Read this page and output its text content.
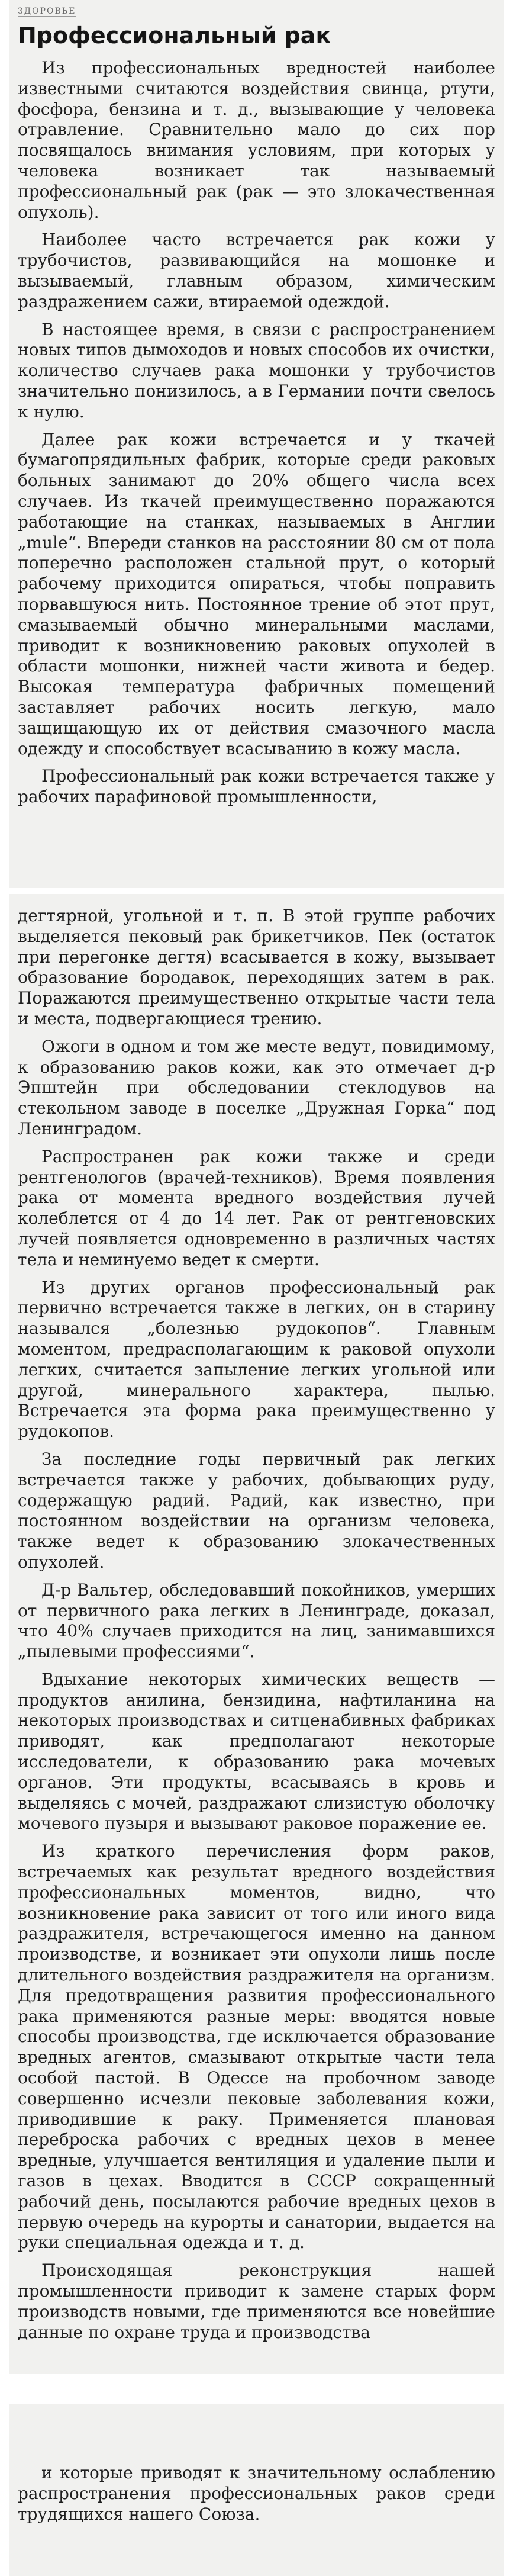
ЗДОРОВЬЕ
Профессиональный рак

Из профессиональных вредностей наиболее известными считаются воздействия свинца, ртути, фосфора, бензина и т. д., вызывающие у человека отравление. Сравнительно мало до сих пор посвящалось внимания условиям, при которых у человека возникает так называемый профессиональный рак (рак — это злокачественная опухоль).

Наиболее часто встречается рак кожи у трубочистов, развивающийся на мошонке и вызываемый, главным образом, химическим раздражением сажи, втираемой одеждой.

В настоящее время, в связи с распространением новых типов дымоходов и новых способов их очистки, количество случаев рака мошонки у трубочистов значительно понизилось, а в Германии почти свелось к нулю.

Далее рак кожи встречается и у ткачей бумагопрядильных фабрик, которые среди раковых больных занимают до 20% общего числа всех случаев. Из ткачей преимущественно поражаются работающие на станках, называемых в Англии „mule“. Впереди станков на расстоянии 80 см от пола поперечно расположен стальной прут, о который рабочему приходится опираться, чтобы поправить порвавшуюся нить. Постоянное трение об этот прут, смазываемый обычно минеральными маслами, приводит к возникновению раковых опухолей в области мошонки, нижней части живота и бедер. Высокая температура фабричных помещений заставляет рабочих носить легкую, мало защищающую их от действия смазочного масла одежду и способствует всасыванию в кожу масла.

Профессиональный рак кожи встречается также у рабочих парафиновой промышленности,

дегтярной, угольной и т. п. В этой группе рабочих выделяется пековый рак брикетчиков. Пек (остаток при перегонке дегтя) всасывается в кожу, вызывает образование бородавок, переходящих затем в рак. Поражаются преимущественно открытые части тела и места, подвергающиеся трению.

Ожоги в одном и том же месте ведут, повидимому, к образованию раков кожи, как это отмечает д-р Эпштейн при обследовании стеклодувов на стекольном заводе в поселке „Дружная Горка“ под Ленинградом.

Распространен рак кожи также и среди рентгенологов (врачей-техников). Время появления рака от момента вредного воздействия лучей колеблется от 4 до 14 лет. Рак от рентгеновских лучей появляется одновременно в различных частях тела и неминуемо ведет к смерти.

Из других органов профессиональный рак первично встречается также в легких, он в старину назывался „болезнью рудокопов“. Главным моментом, предрасполагающим к раковой опухоли легких, считается запыление легких угольной или другой, минерального характера, пылью. Встречается эта форма рака преимущественно у рудокопов.

За последние годы первичный рак легких встречается также у рабочих, добывающих руду, содержащую радий. Радий, как известно, при постоянном воздействии на организм человека, также ведет к образованию злокачественных опухолей.

Д-р Вальтер, обследовавший покойников, умерших от первичного рака легких в Ленинграде, доказал, что 40% случаев приходится на лиц, занимавшихся „пылевыми профессиями“.

Вдыхание некоторых химических веществ — продуктов анилина, бензидина, нафтиланина на некоторых производствах и ситценабивных фабриках приводят, как предполагают некоторые исследователи, к образованию рака мочевых органов. Эти продукты, всасываясь в кровь и выделяясь с мочей, раздражают слизистую оболочку мочевого пузыря и вызывают раковое поражение ее.

Из краткого перечисления форм раков, встречаемых как результат вредного воздействия профессиональных моментов, видно, что возникновение рака зависит от того или иного вида раздражителя, встречающегося именно на данном производстве, и возникает эти опухоли лишь после длительного воздействия раздражителя на организм. Для предотвращения развития профессионального рака применяются разные меры: вводятся новые способы производства, где исключается образование вредных агентов, смазывают открытые части тела особой пастой. В Одессе на пробочном заводе совершенно исчезли пековые заболевания кожи, приводившие к раку. Применяется плановая переброска рабочих с вредных цехов в менее вредные, улучшается вентиляция и удаление пыли и газов в цехах. Вводится в СССР сокращенный рабочий день, посылаются рабочие вредных цехов в первую очередь на курорты и санатории, выдается на руки специальная одежда и т. д.

Происходящая реконструкция нашей промышленности приводит к замене старых форм производств новыми, где применяются все новейшие данные по охране труда и производства

и которые приводят к значительному ослаблению распространения профессиональных раков среди трудящихся нашего Союза.
